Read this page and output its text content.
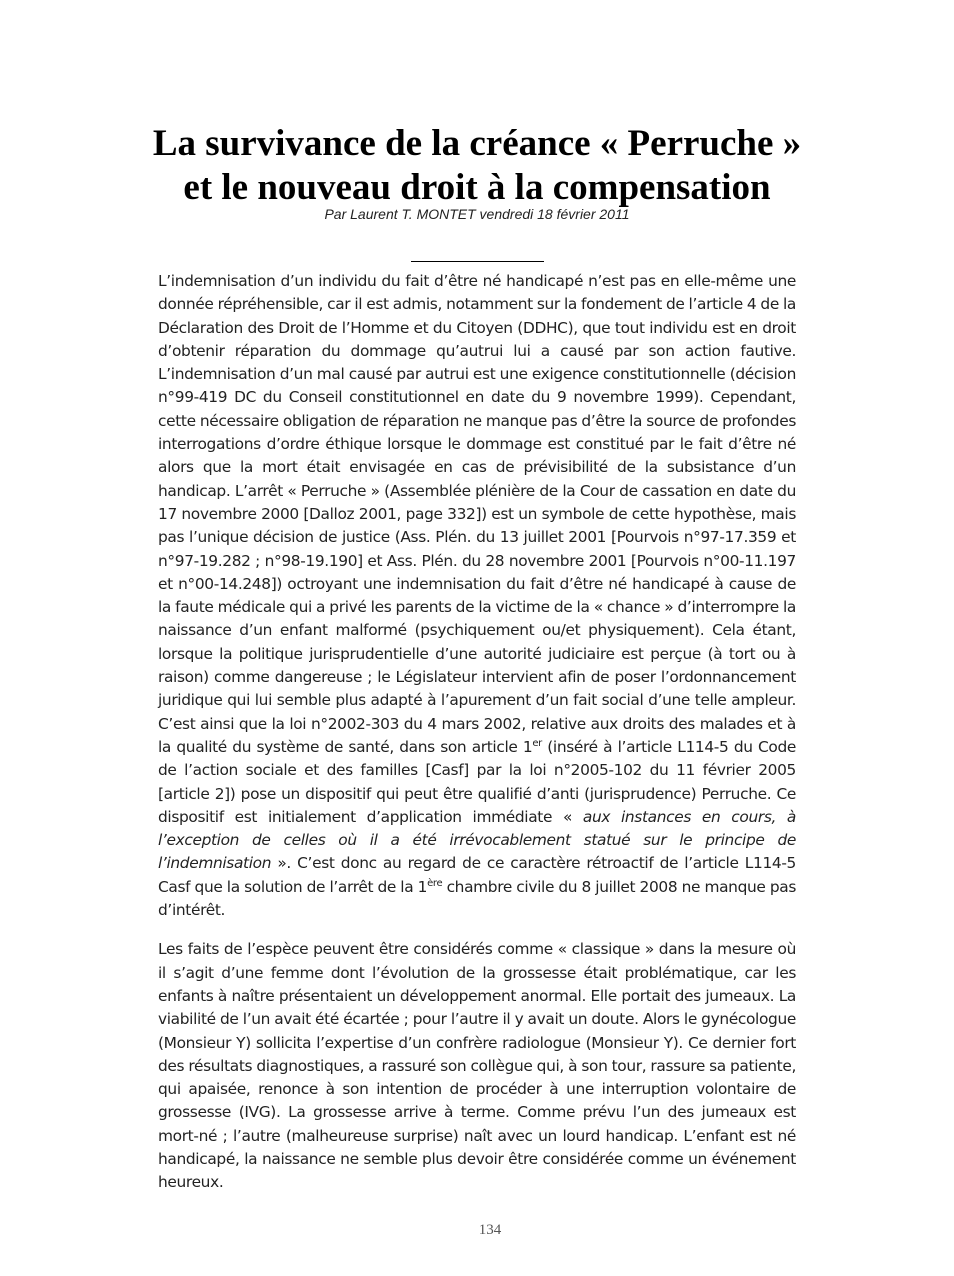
La survivance de la créance « Perruche » et le nouveau droit à la compensation
Par Laurent T. MONTET vendredi 18 février 2011

L’indemnisation d’un individu du fait d’être né handicapé n’est pas en elle-même une donnée répréhensible, car il est admis, notamment sur la fondement de l’article 4 de la Déclaration des Droit de l’Homme et du Citoyen (DDHC), que tout individu est en droit d’obtenir réparation du dommage qu’autrui lui a causé par son action fautive. L’indemnisation d’un mal causé par autrui est une exigence constitutionnelle (décision n°99-419 DC du Conseil constitutionnel en date du 9 novembre 1999). Cependant, cette nécessaire obligation de réparation ne manque pas d’être la source de profondes interrogations d’ordre éthique lorsque le dommage est constitué par le fait d’être né alors que la mort était envisagée en cas de prévisibilité de la subsistance d’un handicap. L’arrêt « Perruche » (Assemblée plénière de la Cour de cassation en date du 17 novembre 2000 [Dalloz 2001, page 332]) est un symbole de cette hypothèse, mais pas l’unique décision de justice (Ass. Plén. du 13 juillet 2001 [Pourvois n°97-17.359 et n°97-19.282 ; n°98-19.190] et Ass. Plén. du 28 novembre 2001 [Pourvois n°00-11.197 et n°00-14.248]) octroyant une indemnisation du fait d’être né handicapé à cause de la faute médicale qui a privé les parents de la victime de la « chance » d’interrompre la naissance d’un enfant malformé (psychiquement ou/et physiquement). Cela étant, lorsque la politique jurisprudentielle d’une autorité judiciaire est perçue (à tort ou à raison) comme dangereuse ; le Législateur intervient afin de poser l’ordonnancement juridique qui lui semble plus adapté à l’apurement d’un fait social d’une telle ampleur. C’est ainsi que la loi n°2002-303 du 4 mars 2002, relative aux droits des malades et à la qualité du système de santé, dans son article 1er (inséré à l’article L114-5 du Code de l’action sociale et des familles [Casf] par la loi n°2005-102 du 11 février 2005 [article 2]) pose un dispositif qui peut être qualifié d’anti (jurisprudence) Perruche. Ce dispositif est initialement d’application immédiate « aux instances en cours, à l’exception de celles où il a été irrévocablement statué sur le principe de l’indemnisation ». C’est donc au regard de ce caractère rétroactif de l’article L114-5 Casf que la solution de l’arrêt de la 1ère chambre civile du 8 juillet 2008 ne manque pas d’intérêt.

Les faits de l’espèce peuvent être considérés comme « classique » dans la mesure où il s’agit d’une femme dont l’évolution de la grossesse était problématique, car les enfants à naître présentaient un développement anormal. Elle portait des jumeaux. La viabilité de l’un avait été écartée ; pour l’autre il y avait un doute. Alors le gynécologue (Monsieur Y) sollicita l’expertise d’un confrère radiologue (Monsieur Y). Ce dernier fort des résultats diagnostiques, a rassuré son collègue qui, à son tour, rassure sa patiente, qui apaisée, renonce à son intention de procéder à une interruption volontaire de grossesse (IVG). La grossesse arrive à terme. Comme prévu l’un des jumeaux est mort-né ; l’autre (malheureuse surprise) naît avec un lourd handicap. L’enfant est né handicapé, la naissance ne semble plus devoir être considérée comme un événement heureux.

134
